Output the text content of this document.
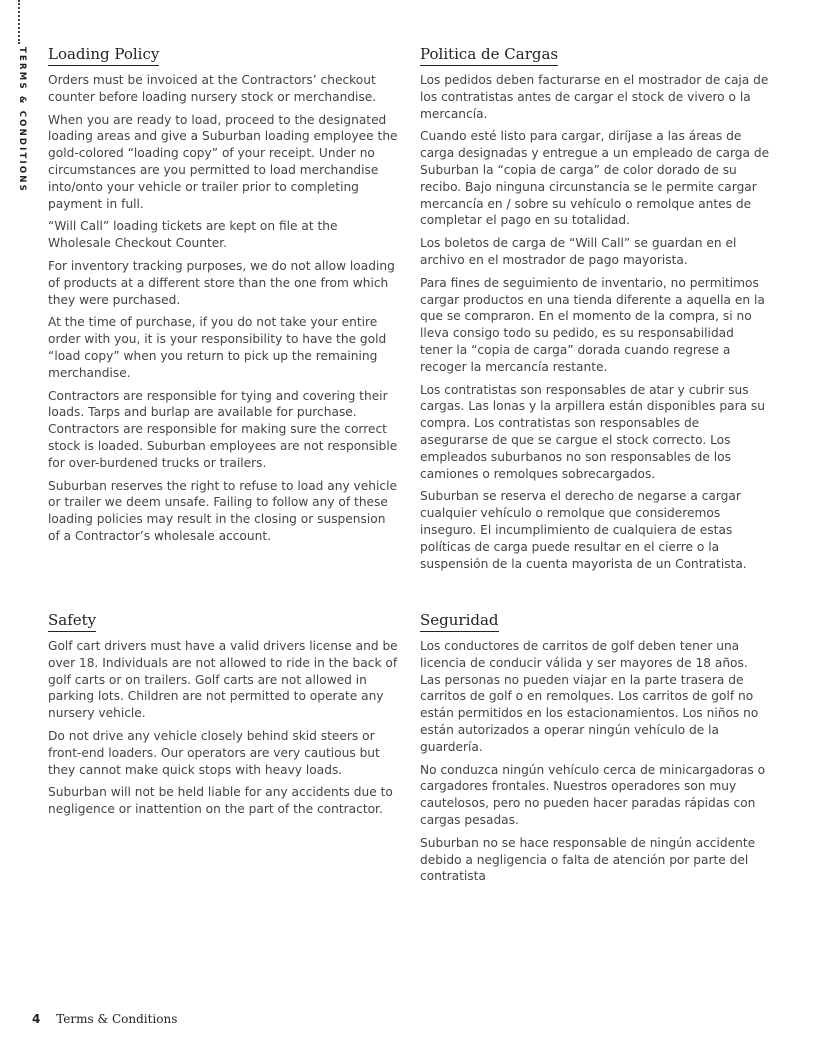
TERMS & CONDITIONS Loading Policy

Orders must be invoiced at the Contractors’ checkout counter before loading nursery stock or merchandise.

When you are ready to load, proceed to the designated loading areas and give a Suburban loading employee the gold-colored “loading copy” of your receipt. Under no circumstances are you permitted to load merchandise into/onto your vehicle or trailer prior to completing payment in full.

“Will Call” loading tickets are kept on file at the Wholesale Checkout Counter.

For inventory tracking purposes, we do not allow loading of products at a different store than the one from which they were purchased.

At the time of purchase, if you do not take your entire order with you, it is your responsibility to have the gold “load copy” when you return to pick up the remaining merchandise.

Contractors are responsible for tying and covering their loads. Tarps and burlap are available for purchase. Contractors are responsible for making sure the correct stock is loaded. Suburban employees are not responsible for over-burdened trucks or trailers.

Suburban reserves the right to refuse to load any vehicle or trailer we deem unsafe. Failing to follow any of these loading policies may result in the closing or suspension of a Contractor’s wholesale account.

Politica de Cargas

Los pedidos deben facturarse en el mostrador de caja de los contratistas antes de cargar el stock de vivero o la mercancía.

Cuando esté listo para cargar, diríjase a las áreas de carga designadas y entregue a un empleado de carga de Suburban la “copia de carga” de color dorado de su recibo. Bajo ninguna circunstancia se le permite cargar mercancía en / sobre su vehículo o remolque antes de completar el pago en su totalidad.

Los boletos de carga de “Will Call” se guardan en el archivo en el mostrador de pago mayorista.

Para fines de seguimiento de inventario, no permitimos cargar productos en una tienda diferente a aquella en la que se compraron. En el momento de la compra, si no lleva consigo todo su pedido, es su responsabilidad tener la “copia de carga” dorada cuando regrese a recoger la mercancía restante.

Los contratistas son responsables de atar y cubrir sus cargas. Las lonas y la arpillera están disponibles para su compra. Los contratistas son responsables de asegurarse de que se cargue el stock correcto. Los empleados suburbanos no son responsables de los camiones o remolques sobrecargados.

Suburban se reserva el derecho de negarse a cargar cualquier vehículo o remolque que consideremos inseguro. El incumplimiento de cualquiera de estas políticas de carga puede resultar en el cierre o la suspensión de la cuenta mayorista de un Contratista.

Safety

Golf cart drivers must have a valid drivers license and be over 18. Individuals are not allowed to ride in the back of golf carts or on trailers. Golf carts are not allowed in parking lots. Children are not permitted to operate any nursery vehicle.

Do not drive any vehicle closely behind skid steers or front-end loaders. Our operators are very cautious but they cannot make quick stops with heavy loads.

Suburban will not be held liable for any accidents due to negligence or inattention on the part of the contractor.

Seguridad

Los conductores de carritos de golf deben tener una licencia de conducir válida y ser mayores de 18 años. Las personas no pueden viajar en la parte trasera de carritos de golf o en remolques. Los carritos de golf no están permitidos en los estacionamientos. Los niños no están autorizados a operar ningún vehículo de la guardería.

No conduzca ningún vehículo cerca de minicargadoras o cargadores frontales. Nuestros operadores son muy cautelosos, pero no pueden hacer paradas rápidas con cargas pesadas.

Suburban no se hace responsable de ningún accidente debido a negligencia o falta de atención por parte del contratista

4 Terms & Conditions
